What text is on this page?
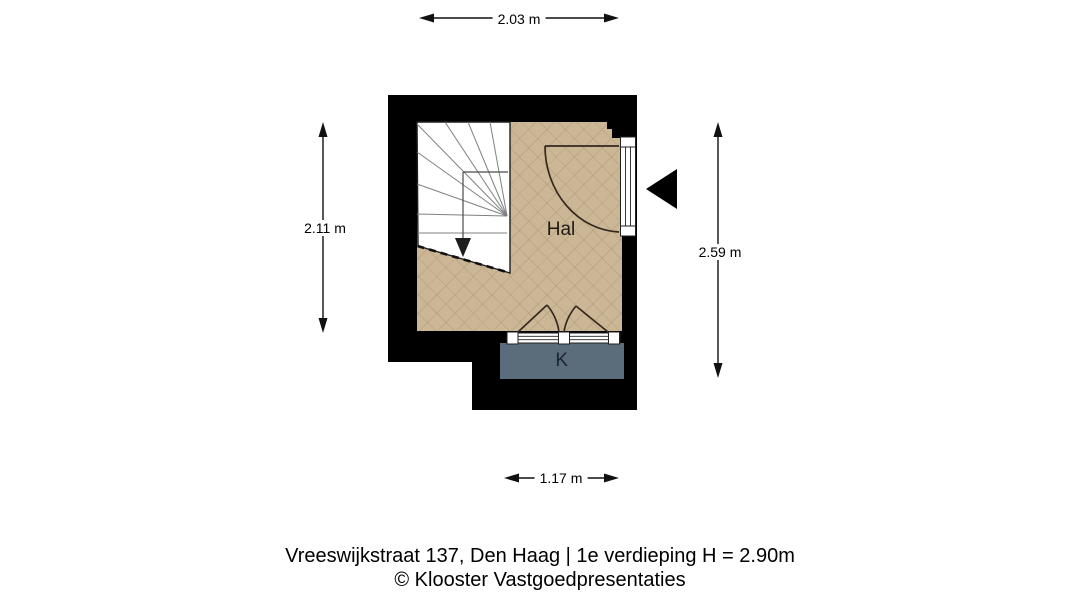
K
Hal
2.03 m
2.11 m
2.59 m
1.17 m
Vreeswijkstraat 137, Den Haag | 1e verdieping H = 2.90m
© Klooster Vastgoedpresentaties
